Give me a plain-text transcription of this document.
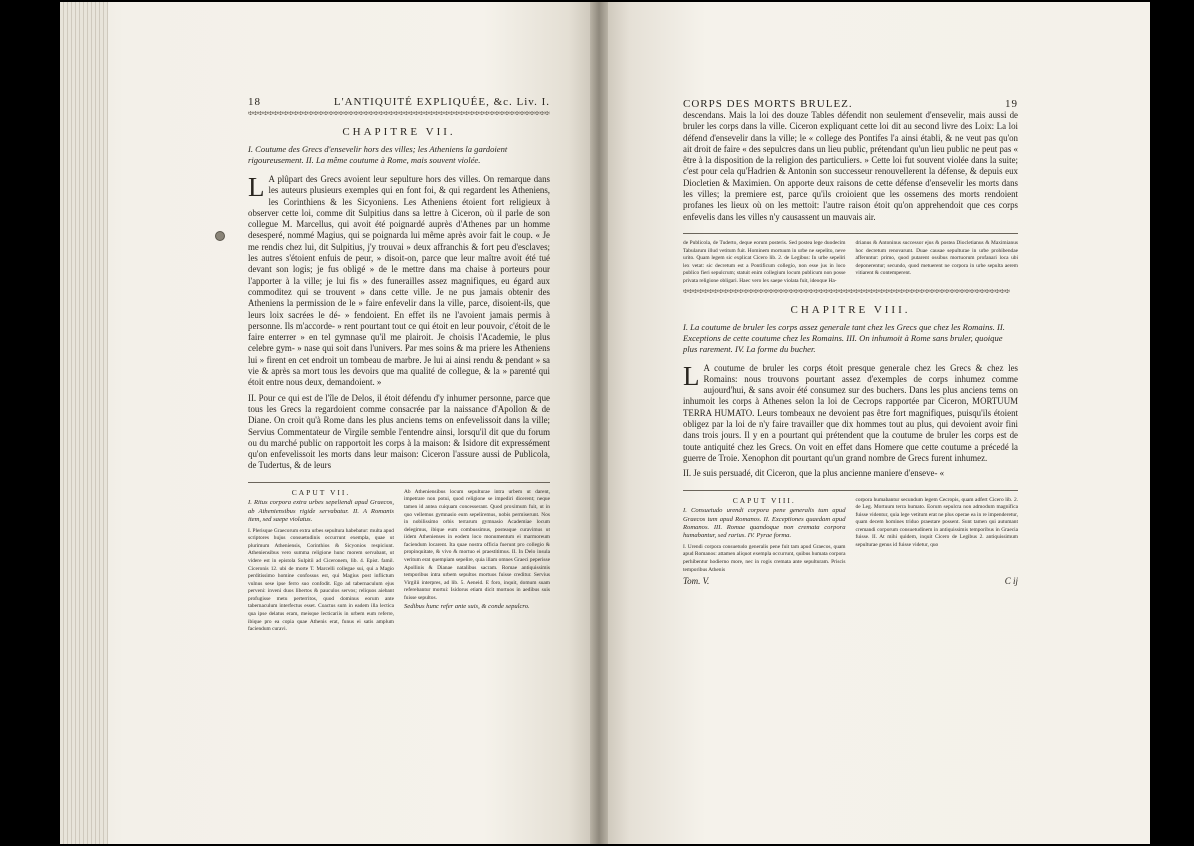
18	L'ANTIQUITÉ EXPLIQUÉE, &c. Liv. I.
✠✠✠✠✠✠✠✠✠✠✠✠✠✠✠✠✠✠✠✠✠✠✠✠✠✠✠✠✠✠✠✠✠✠✠✠✠✠✠✠✠✠✠✠✠✠✠✠✠✠✠✠✠✠✠✠✠✠✠✠
CHAPITRE VII.
I. Coutume des Grecs d'ensevelir hors des villes; les Atheniens la gardoient rigoureusement. II. La même coutume à Rome, mais souvent violée.

L A plûpart des Grecs avoient leur sepulture hors des villes. On remarque dans les auteurs plusieurs exemples qui en font foi, & qui regardent les Atheniens, les Corinthiens & les Sicyoniens. Les Atheniens étoient fort religieux à observer cette loi, comme dit Sulpitius dans sa lettre à Ciceron, où il parle de son collegue M. Marcellus, qui avoit été poignardé auprès d'Athenes par un homme desesperé, nommé Magius, qui se poignarda lui même après avoir fait le coup. « Je me rendis chez lui, dit Sulpitius, j'y trouvai » deux affranchis & fort peu d'esclaves; les autres s'étoient enfuis de peur, » disoit-on, parce que leur maître avoit été tué devant son logis; je fus obligé » de le mettre dans ma chaise à porteurs pour l'apporter à la ville; je lui fis » des funerailles assez magnifiques, eu égard aux commoditez qui se trouvent » dans cette ville. Je ne pus jamais obtenir des Atheniens la permission de le » faire enfevelir dans la ville, parce, disoient-ils, que leurs loix sacrées le dé- » fendoient. En effet ils ne l'avoient jamais permis à personne. Ils m'accorde- » rent pourtant tout ce qui étoit en leur pouvoir, c'étoit de le faire enterrer » en tel gymnase qu'il me plairoit. Je choisis l'Academie, le plus celebre gym- » nase qui soit dans l'univers. Par mes soins & ma priere les Atheniens lui » firent en cet endroit un tombeau de marbre. Je lui ai ainsi rendu & pendant » sa vie & après sa mort tous les devoirs que ma qualité de collegue, & la » parenté qui étoit entre nous deux, demandoient. »

II. Pour ce qui est de l'île de Delos, il étoit défendu d'y inhumer personne, parce que tous les Grecs la regardoient comme consacrée par la naissance d'Apollon & de Diane. On croit qu'à Rome dans les plus anciens tems on enfevelissoit dans la ville; Servius Commentateur de Virgile semble l'entendre ainsi, lorsqu'il dit que du forum ou du marché public on rapportoit les corps à la maison: & Isidore dit expressément qu'on enfevelissoit les morts dans leur maison: Ciceron l'assure aussi de Publicola, de Tudertus, & de leurs

CAPUT VII.
I. Ritus corpora extra urbes sepeliendi apud Graecos, ab Atheniensibus rigide servabatur. II. A Romanis item, sed saepe violatus.
I. Plerisque Graecorum extra urbes sepultura habebatur: multa apud scriptores hujus consuetudinis occurrunt exempla, quae ut plurimum Atheniensis, Corinthios & Sicyonios respiciunt. Atheniensibus vero summa religione hunc morem servabant, ut videre est in epistola Sulpitii ad Ciceronem, lib. 4. Epist. famil. Ciceronis 12. ubi de morte T. Marcelli collegae sui, qui a Magio perditissimo homine confossus est, qui Magius post inflictum vulnus sese ipse ferro suo confodit. Ego ad tabernaculum ejus perveni: inveni duos libertos & pauculos servos; reliquos aiebant profugisse metu perterritos, quod dominus eorum ante tabernaculum interfectus esset. Coactus sum in eadem illa lectica qua ipse delatus eram, meisque lecticariis in urbem eum referre, ibique pro ea copia quae Athenis erat, funus ei satis amplum faciendum curavi.
Ab Atheniensibus locum sepulturae intra urbem ut darent, impetrare non potui, quod religione se impediri dicerent; neque tamen id antea cuiquam concesserant. Quod proximum fuit, ut in quo vellemus gymnasio eum sepeliremus, nobis permiserunt. Nos in nobilissimo orbis terrarum gymnasio Academiae locum delegimus, ibique eum combussimus, posteaque curavimus ut iidem Athenienses in eodem loco monumentum ei marmoreum faciendum locarent. Ita quae nostra officia fuerunt pro collegio & propinquitate, & vivo & mortuo ei praestitimus. II. In Delo insula veritum erat quempiam sepelire, quia illam omnes Graeci peperisse Apollinis & Dianae natalibus sacram. Romae antiquissimis temporibus intra urbem sepultos mortuos fuisse creditur. Servius Virgilii interpres, ad lib. 5. Aeneid. E foro, inquit, domum suam referebantur mortui: Isidorus etiam dicit mortuos in aedibus suis fuisse sepultos.
Sedibus hunc refer ante suis, & conde sepulcro.
CORPS DES MORTS BRULEZ.	19

descendans. Mais la loi des douze Tables défendit non seulement d'ensevelir, mais aussi de bruler les corps dans la ville. Ciceron expliquant cette loi dit au second livre des Loix: La loi défend d'ensevelir dans la ville; le « college des Pontifes l'a ainsi établi, & ne veut pas qu'on ait droit de faire « des sepulcres dans un lieu public, prétendant qu'un lieu public ne peut pas « être à la disposition de la religion des particuliers. » Cette loi fut souvent violée dans la suite; c'est pour cela qu'Hadrien & Antonin son successeur renouvellerent la défense, & depuis eux Diocletien & Maximien. On apporte deux raisons de cette défense d'ensevelir les morts dans les villes; la premiere est, parce qu'ils croioient que les ossemens des morts rendoient profanes les lieux où on les mettoit: l'autre raison étoit qu'on apprehendoit que ces corps enfevelis dans les villes n'y causassent un mauvais air.

de Publicola, de Tuderto, deque eorum posteris. Sed postea lege duodecim Tabularum illud vetitum fuit. Hominem mortuum in urbe ne sepelito, neve urito. Quam legem sic explicat Cicero lib. 2. de Legibus: In urbe sepeliri lex vetat: sic decretum est a Pontificum collegio, non esse jus in loco publico fieri sepulcrum; statuit enim collegium locum publicum non posse privata religione obligari. Haec vero lex saepe violata fuit, ideoque Ha-
drianus & Antoninus successor ejus & postea Diocletianus & Maximianus hoc decretum renovarunt. Duae causae sepulturae in urbe prohibendae afferuntur: primo, quod putarent ossibus mortuorum profanari loca ubi deponerentur; secundo, quod metuerent ne corpora in urbe sepulta aerem vitiarent & contemperent.
✠✠✠✠✠✠✠✠✠✠✠✠✠✠✠✠✠✠✠✠✠✠✠✠✠✠✠✠✠✠✠✠✠✠✠✠✠✠✠✠✠✠✠✠✠✠✠✠✠✠✠✠✠✠✠✠✠✠✠✠✠✠✠✠✠
CHAPITRE VIII.
I. La coutume de bruler les corps assez generale tant chez les Grecs que chez les Romains. II. Exceptions de cette coutume chez les Romains. III. On inhumoit à Rome sans bruler, quoique plus rarement. IV. La forme du bucher.

L A coutume de bruler les corps étoit presque generale chez les Grecs & chez les Romains: nous trouvons pourtant assez d'exemples de corps inhumez comme aujourd'hui, & sans avoir été consumez sur des buchers. Dans les plus anciens tems on inhumoit les corps à Athenes selon la loi de Cecrops rapportée par Ciceron, MORTUUM TERRA HUMATO. Leurs tombeaux ne devoient pas être fort magnifiques, puisqu'ils étoient obligez par la loi de n'y faire travailler que dix hommes tout au plus, qui devoient avoir fini dans trois jours. Il y en a pourtant qui prétendent que la coutume de bruler les corps est de toute antiquité chez les Grecs. On voit en effet dans Homere que cette coutume a précedé la guerre de Troie. Xenophon dit pourtant qu'un grand nombre de Grecs furent inhumez.

II. Je suis persuadé, dit Ciceron, que la plus ancienne maniere d'enseve- «

CAPUT VIII.
I. Consuetudo urendi corpora pene generalis tum apud Graecos tum apud Romanos. II. Exceptiones quaedam apud Romanos. III. Romae quandoque non cremata corpora humabantur, sed rarius. IV. Pyrae forma.
I. Urendi corpora consuetudo generalis pene fuit tam apud Graecos, quam apud Romanos: attamen aliquot exempla occurrunt, quibus humata corpora perhibentur hodierno more, nec in rogis cremata ante sepulturam. Priscis temporibus Athenis
corpora humabantur secundum legem Cecropis, quam adfert Cicero lib. 2. de Leg. Mortuum terra humato. Eorum sepulcra non admodum magnifica fuisse videntur, quia lege vetitum erat ne plus operae ea in re impenderetur, quam decem homines triduo praestare possent. Sunt tamen qui autumant cremandi corporum consuetudinem in antiquissimis temporibus in Graecia fuisse. II. At mihi quidem, inquit Cicero de Legibus 2. antiquissimum sepulturae genus id fuisse videtur, quo
Tom. V.	C ij
